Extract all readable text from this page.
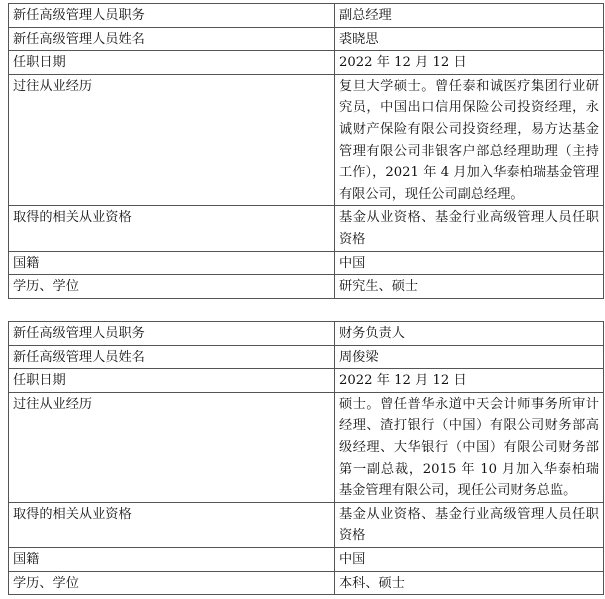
新任高级管理人员职务	副总经理
新任高级管理人员姓名	裘晓思
任职日期	2022 年 12 月 12 日
过往从业经历	复旦大学硕士。曾任泰和诚医疗集团行业研究员，中国出口信用保险公司投资经理，永诚财产保险有限公司投资经理，易方达基金管理有限公司非银客户部总经理助理（主持工作），2021 年 4 月加入华泰柏瑞基金管理有限公司，现任公司副总经理。
取得的相关从业资格	基金从业资格、基金行业高级管理人员任职资格
国籍	中国
学历、学位	研究生、硕士
新任高级管理人员职务	财务负责人
新任高级管理人员姓名	周俊梁
任职日期	2022 年 12 月 12 日
过往从业经历	硕士。曾任普华永道中天会计师事务所审计经理、渣打银行（中国）有限公司财务部高级经理、大华银行（中国）有限公司财务部第一副总裁，2015 年 10 月加入华泰柏瑞基金管理有限公司，现任公司财务总监。
取得的相关从业资格	基金从业资格、基金行业高级管理人员任职资格
国籍	中国
学历、学位	本科、硕士
